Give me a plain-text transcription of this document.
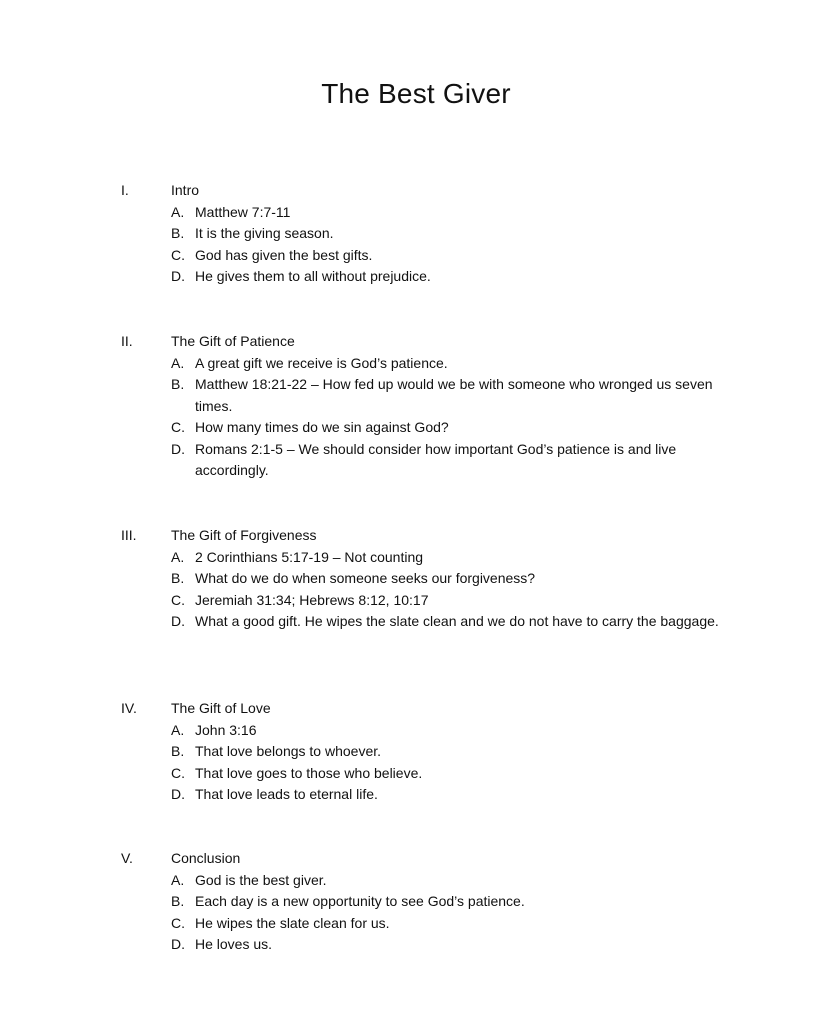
The Best Giver
I.	Intro
A. Matthew 7:7-11
B. It is the giving season.
C. God has given the best gifts.
D. He gives them to all without prejudice.
II.	The Gift of Patience
A. A great gift we receive is God’s patience.
B. Matthew 18:21-22 – How fed up would we be with someone who wronged us seven times.
C. How many times do we sin against God?
D. Romans 2:1-5 – We should consider how important God’s patience is and live accordingly.
III. The Gift of Forgiveness
A. 2 Corinthians 5:17-19 – Not counting
B. What do we do when someone seeks our forgiveness?
C. Jeremiah 31:34; Hebrews 8:12, 10:17
D. What a good gift. He wipes the slate clean and we do not have to carry the baggage.
IV. The Gift of Love
A. John 3:16
B. That love belongs to whoever.
C. That love goes to those who believe.
D. That love leads to eternal life.
V.	Conclusion
A. God is the best giver.
B. Each day is a new opportunity to see God’s patience.
C. He wipes the slate clean for us.
D. He loves us.
